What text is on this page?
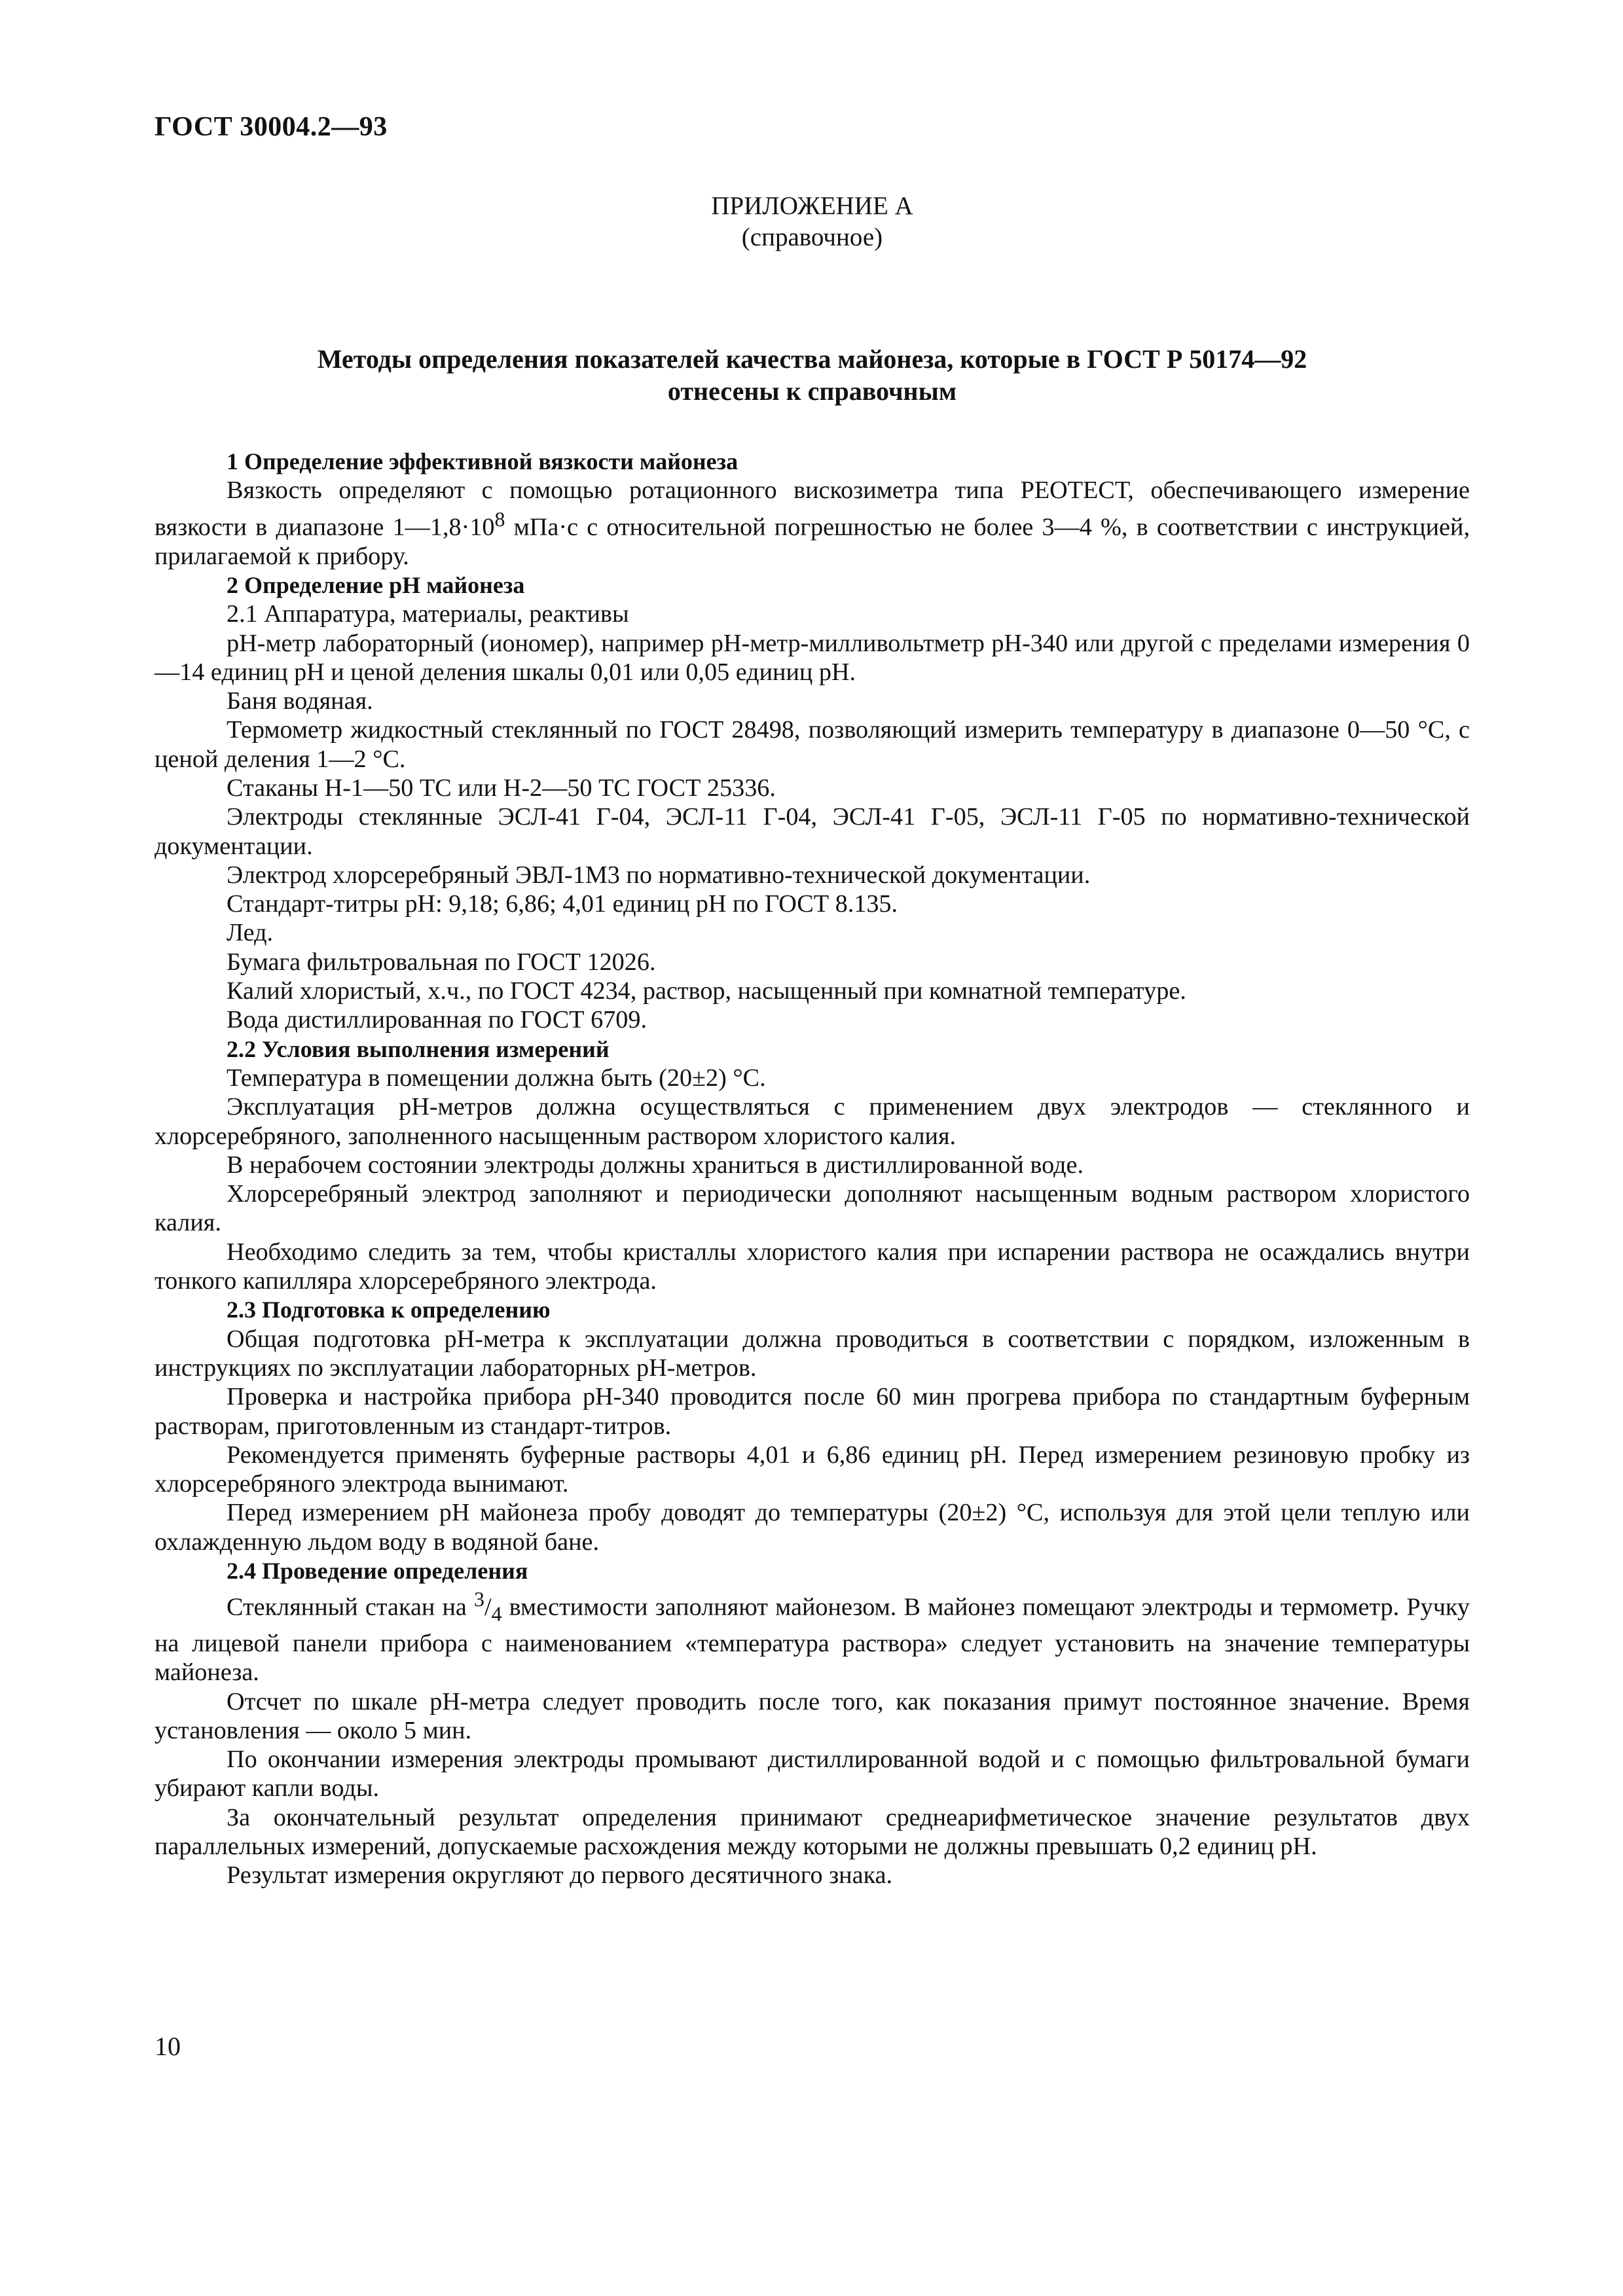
ГОСТ 30004.2—93
ПРИЛОЖЕНИЕ А
(справочное)
Методы определения показателей качества майонеза, которые в ГОСТ Р 50174—92
отнесены к справочным

1 Определение эффективной вязкости майонеза

Вязкость определяют с помощью ротационного вискозиметра типа РЕОТЕСТ, обеспечивающего измерение вязкости в диапазоне $1—1,8\cdot 10^8$ мПа·с с относительной погрешностью не более 3—4 %, в соответствии с инструкцией, прилагаемой к прибору.

2 Определение рН майонеза

2.1 Аппаратура, материалы, реактивы

рН-метр лабораторный (иономер), например рН-метр-милливольтметр рН-340 или другой с пределами измерения 0—14 единиц рН и ценой деления шкалы 0,01 или 0,05 единиц рН.

Баня водяная.

Термометр жидкостный стеклянный по ГОСТ 28498, позволяющий измерить температуру в диапазоне 0—50 °С, с ценой деления 1—2 °С.

Стаканы Н-1—50 ТС или Н-2—50 ТС ГОСТ 25336.

Электроды стеклянные ЭСЛ-41 Г-04, ЭСЛ-11 Г-04, ЭСЛ-41 Г-05, ЭСЛ-11 Г-05 по нормативно-технической документации.

Электрод хлорсеребряный ЭВЛ-1М3 по нормативно-технической документации.

Стандарт-титры рН: 9,18; 6,86; 4,01 единиц рН по ГОСТ 8.135.

Лед.

Бумага фильтровальная по ГОСТ 12026.

Калий хлористый, х.ч., по ГОСТ 4234, раствор, насыщенный при комнатной температуре.

Вода дистиллированная по ГОСТ 6709.

2.2 Условия выполнения измерений

Температура в помещении должна быть (20±2) °С.

Эксплуатация рН-метров должна осуществляться с применением двух электродов — стеклянного и хлорсеребряного, заполненного насыщенным раствором хлористого калия.

В нерабочем состоянии электроды должны храниться в дистиллированной воде.

Хлорсеребряный электрод заполняют и периодически дополняют насыщенным водным раствором хлористого калия.

Необходимо следить за тем, чтобы кристаллы хлористого калия при испарении раствора не осаждались внутри тонкого капилляра хлорсеребряного электрода.

2.3 Подготовка к определению

Общая подготовка рН-метра к эксплуатации должна проводиться в соответствии с порядком, изложенным в инструкциях по эксплуатации лабораторных рН-метров.

Проверка и настройка прибора рН-340 проводится после 60 мин прогрева прибора по стандартным буферным растворам, приготовленным из стандарт-титров.

Рекомендуется применять буферные растворы 4,01 и 6,86 единиц рН. Перед измерением резиновую пробку из хлорсеребряного электрода вынимают.

Перед измерением рН майонеза пробу доводят до температуры (20±2) °С, используя для этой цели теплую или охлажденную льдом воду в водяной бане.

2.4 Проведение определения

Стеклянный стакан на $^3/_4$ вместимости заполняют майонезом. В майонез помещают электроды и термометр. Ручку на лицевой панели прибора с наименованием «температура раствора» следует установить на значение температуры майонеза.

Отсчет по шкале рН-метра следует проводить после того, как показания примут постоянное значение. Время установления — около 5 мин.

По окончании измерения электроды промывают дистиллированной водой и с помощью фильтровальной бумаги убирают капли воды.

За окончательный результат определения принимают среднеарифметическое значение результатов двух параллельных измерений, допускаемые расхождения между которыми не должны превышать 0,2 единиц рН.

Результат измерения округляют до первого десятичного знака.

10
